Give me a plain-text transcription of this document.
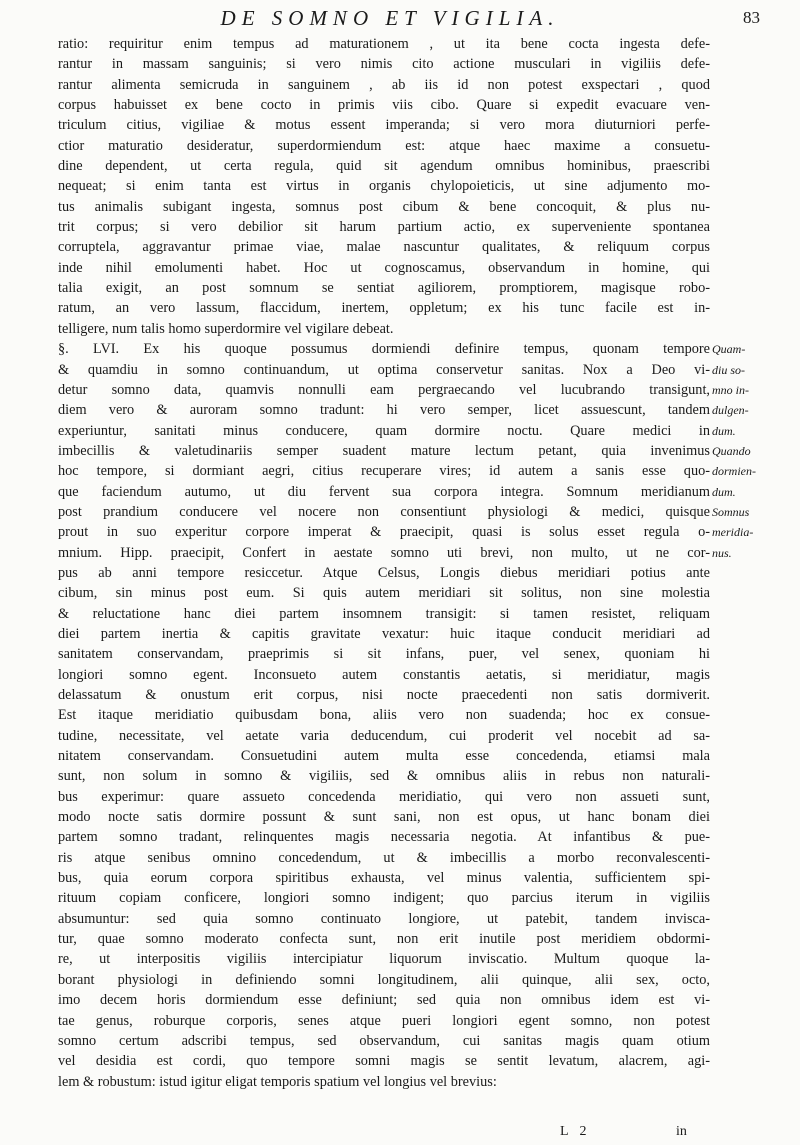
DE SOMNO ET VIGILIA.	83
ratio: requiritur enim tempus ad maturationem , ut ita bene cocta ingesta defe-
rantur in massam sanguinis; si vero nimis cito actione musculari in vigiliis defe-
rantur alimenta semicruda in sanguinem , ab iis id non potest exspectari , quod
corpus habuisset ex bene cocto in primis viis cibo. Quare si expedit evacuare ven-
triculum citius, vigiliae & motus essent imperanda; si vero mora diuturniori perfe-
ctior maturatio desideratur, superdormiendum est: atque haec maxime a consuetu-
dine dependent, ut certa regula, quid sit agendum omnibus hominibus, praescribi
nequeat; si enim tanta est virtus in organis chylopoieticis, ut sine adjumento mo-
tus animalis subigant ingesta, somnus post cibum & bene concoquit, & plus nu-
trit corpus; si vero debilior sit harum partium actio, ex superveniente spontanea
corruptela, aggravantur primae viae, malae nascuntur qualitates, & reliquum corpus
inde nihil emolumenti habet. Hoc ut cognoscamus, observandum in homine, qui
talia exigit, an post somnum se sentiat agiliorem, promptiorem, magisque robo-
ratum, an vero lassum, flaccidum, inertem, oppletum; ex his tunc facile est in-
telligere, num talis homo superdormire vel vigilare debeat.
§. LVI. Ex his quoque possumus dormiendi definire tempus, quonam tempore
& quamdiu in somno continuandum, ut optima conservetur sanitas. Nox a Deo vi-
detur somno data, quamvis nonnulli eam pergraecando vel lucubrando transigunt,
diem vero & auroram somno tradunt: hi vero semper, licet assuescunt, tandem
experiuntur, sanitati minus conducere, quam dormire noctu. Quare medici in
imbecillis & valetudinariis semper suadent mature lectum petant, quia invenimus
hoc tempore, si dormiant aegri, citius recuperare vires; id autem a sanis esse quo-
que faciendum autumo, ut diu fervent sua corpora integra. Somnum meridianum
post prandium conducere vel nocere non consentiunt physiologi & medici, quisque
prout in suo experitur corpore imperat & praecipit, quasi is solus esset regula o-
mnium. Hipp. praecipit, Confert in aestate somno uti brevi, non multo, ut ne cor-
pus ab anni tempore resiccetur. Atque Celsus, Longis diebus meridiari potius ante
cibum, sin minus post eum. Si quis autem meridiari sit solitus, non sine molestia
& reluctatione hanc diei partem insomnem transigit: si tamen resistet, reliquam
diei partem inertia & capitis gravitate vexatur: huic itaque conducit meridiari ad
sanitatem conservandam, praeprimis si sit infans, puer, vel senex, quoniam hi
longiori somno egent. Inconsueto autem constantis aetatis, si meridiatur, magis
delassatum & onustum erit corpus, nisi nocte praecedenti non satis dormiverit.
Est itaque meridiatio quibusdam bona, aliis vero non suadenda; hoc ex consue-
tudine, necessitate, vel aetate varia deducendum, cui proderit vel nocebit ad sa-
nitatem conservandam. Consuetudini autem multa esse concedenda, etiamsi mala
sunt, non solum in somno & vigiliis, sed & omnibus aliis in rebus non naturali-
bus experimur: quare assueto concedenda meridiatio, qui vero non assueti sunt,
modo nocte satis dormire possunt & sunt sani, non est opus, ut hanc bonam diei
partem somno tradant, relinquentes magis necessaria negotia. At infantibus & pue-
ris atque senibus omnino concedendum, ut & imbecillis a morbo reconvalescenti-
bus, quia eorum corpora spiritibus exhausta, vel minus valentia, sufficientem spi-
rituum copiam conficere, longiori somno indigent; quo parcius iterum in vigiliis
absumuntur: sed quia somno continuato longiore, ut patebit, tandem invisca-
tur, quae somno moderato confecta sunt, non erit inutile post meridiem obdormi-
re, ut interpositis vigiliis intercipiatur liquorum inviscatio. Multum quoque la-
borant physiologi in definiendo somni longitudinem, alii quinque, alii sex, octo,
imo decem horis dormiendum esse definiunt; sed quia non omnibus idem est vi-
tae genus, roburque corporis, senes atque pueri longiori egent somno, non potest
somno certum adscribi tempus, sed observandum, cui sanitas magis quam otium
vel desidia est cordi, quo tempore somni magis se sentit levatum, alacrem, agi-
lem & robustum: istud igitur eligat temporis spatium vel longius vel brevius:
Quam-
diu so-
mno in-
dulgen-
dum.
Quando
dormien-
dum.
Somnus
meridia-
nus.
L 2	in
